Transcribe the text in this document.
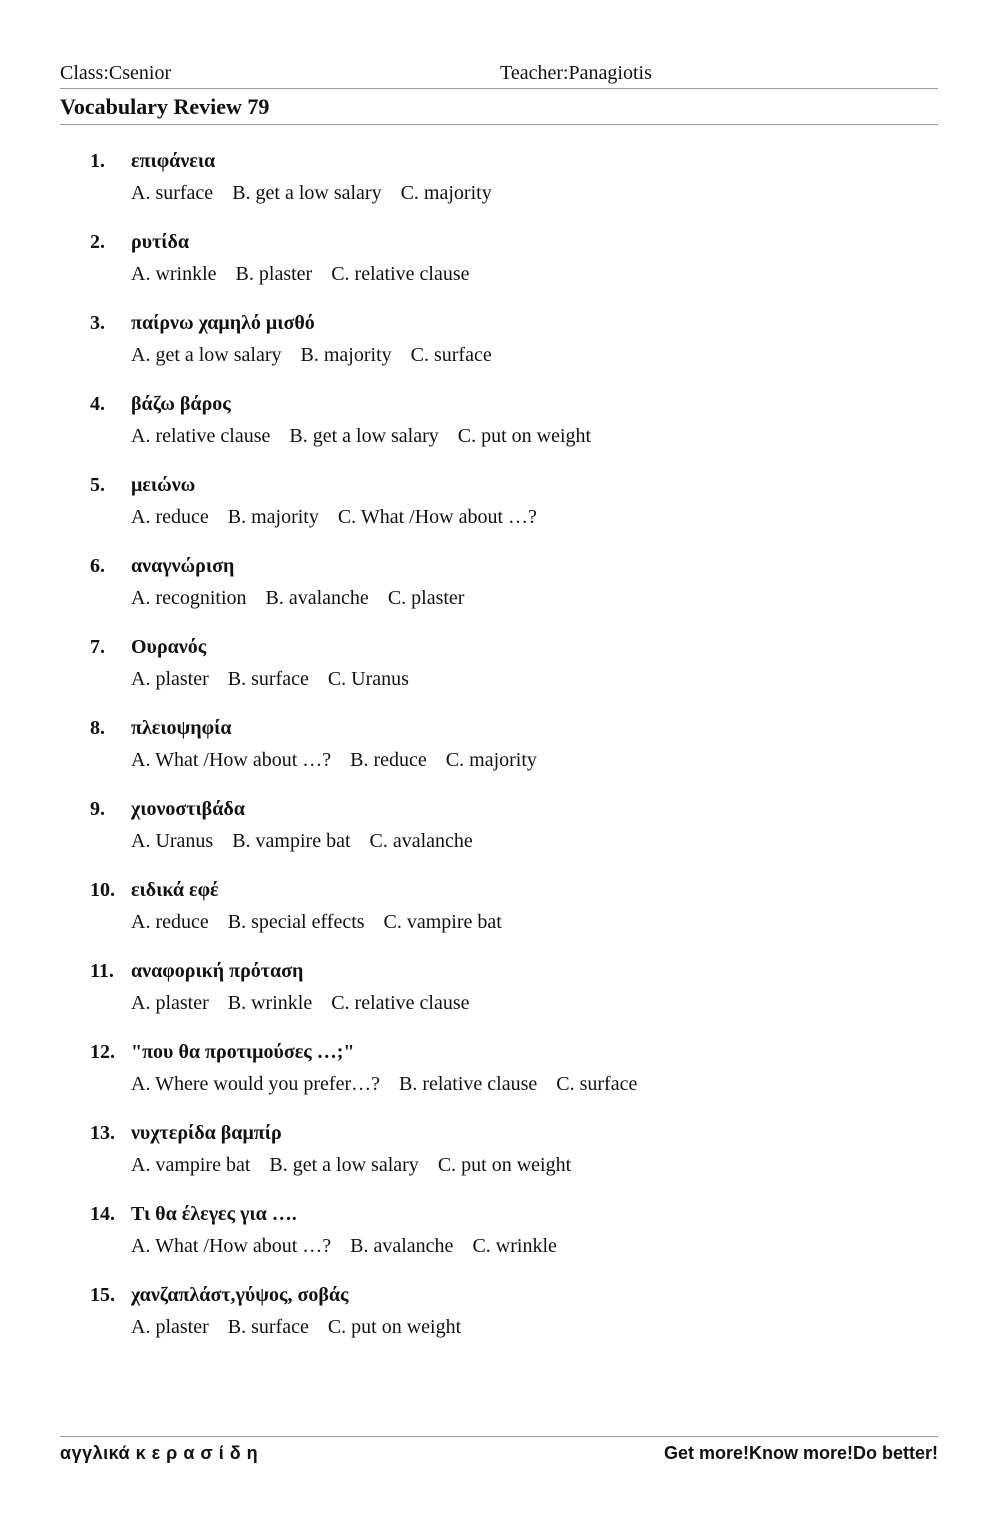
Class:Csenior	Teacher:Panagiotis
Vocabulary Review 79
1.	επιφάνεια
A. surface B. get a low salary C. majority
2.	ρυτίδα
A. wrinkle B. plaster C. relative clause
3.	παίρνω χαμηλό μισθό
A. get a low salary B. majority C. surface
4.	βάζω βάρος
A. relative clause B. get a low salary C. put on weight
5.	μειώνω
A. reduce B. majority C. What /How about …?
6.	αναγνώριση
A. recognition B. avalanche C. plaster
7.	Ουρανός
A. plaster B. surface C. Uranus
8.	πλειοψηφία
A. What /How about …? B. reduce C. majority
9.	χιονοστιβάδα
A. Uranus B. vampire bat C. avalanche
10. ειδικά εφέ
A. reduce B. special effects C. vampire bat
11. αναφορική πρόταση
A. plaster B. wrinkle C. relative clause
12. "που θα προτιμούσες …;"
A. Where would you prefer…? B. relative clause C. surface
13. νυχτερίδα βαμπίρ
A. vampire bat B. get a low salary C. put on weight
14. Τι θα έλεγες για ….
A. What /How about …? B. avalanche C. wrinkle
15. χανζαπλάστ,γύψος, σοβάς
A. plaster B. surface C. put on weight
αγγλικά κ ε ρ α σ ί δ η	Get more!Know more!Do better!
